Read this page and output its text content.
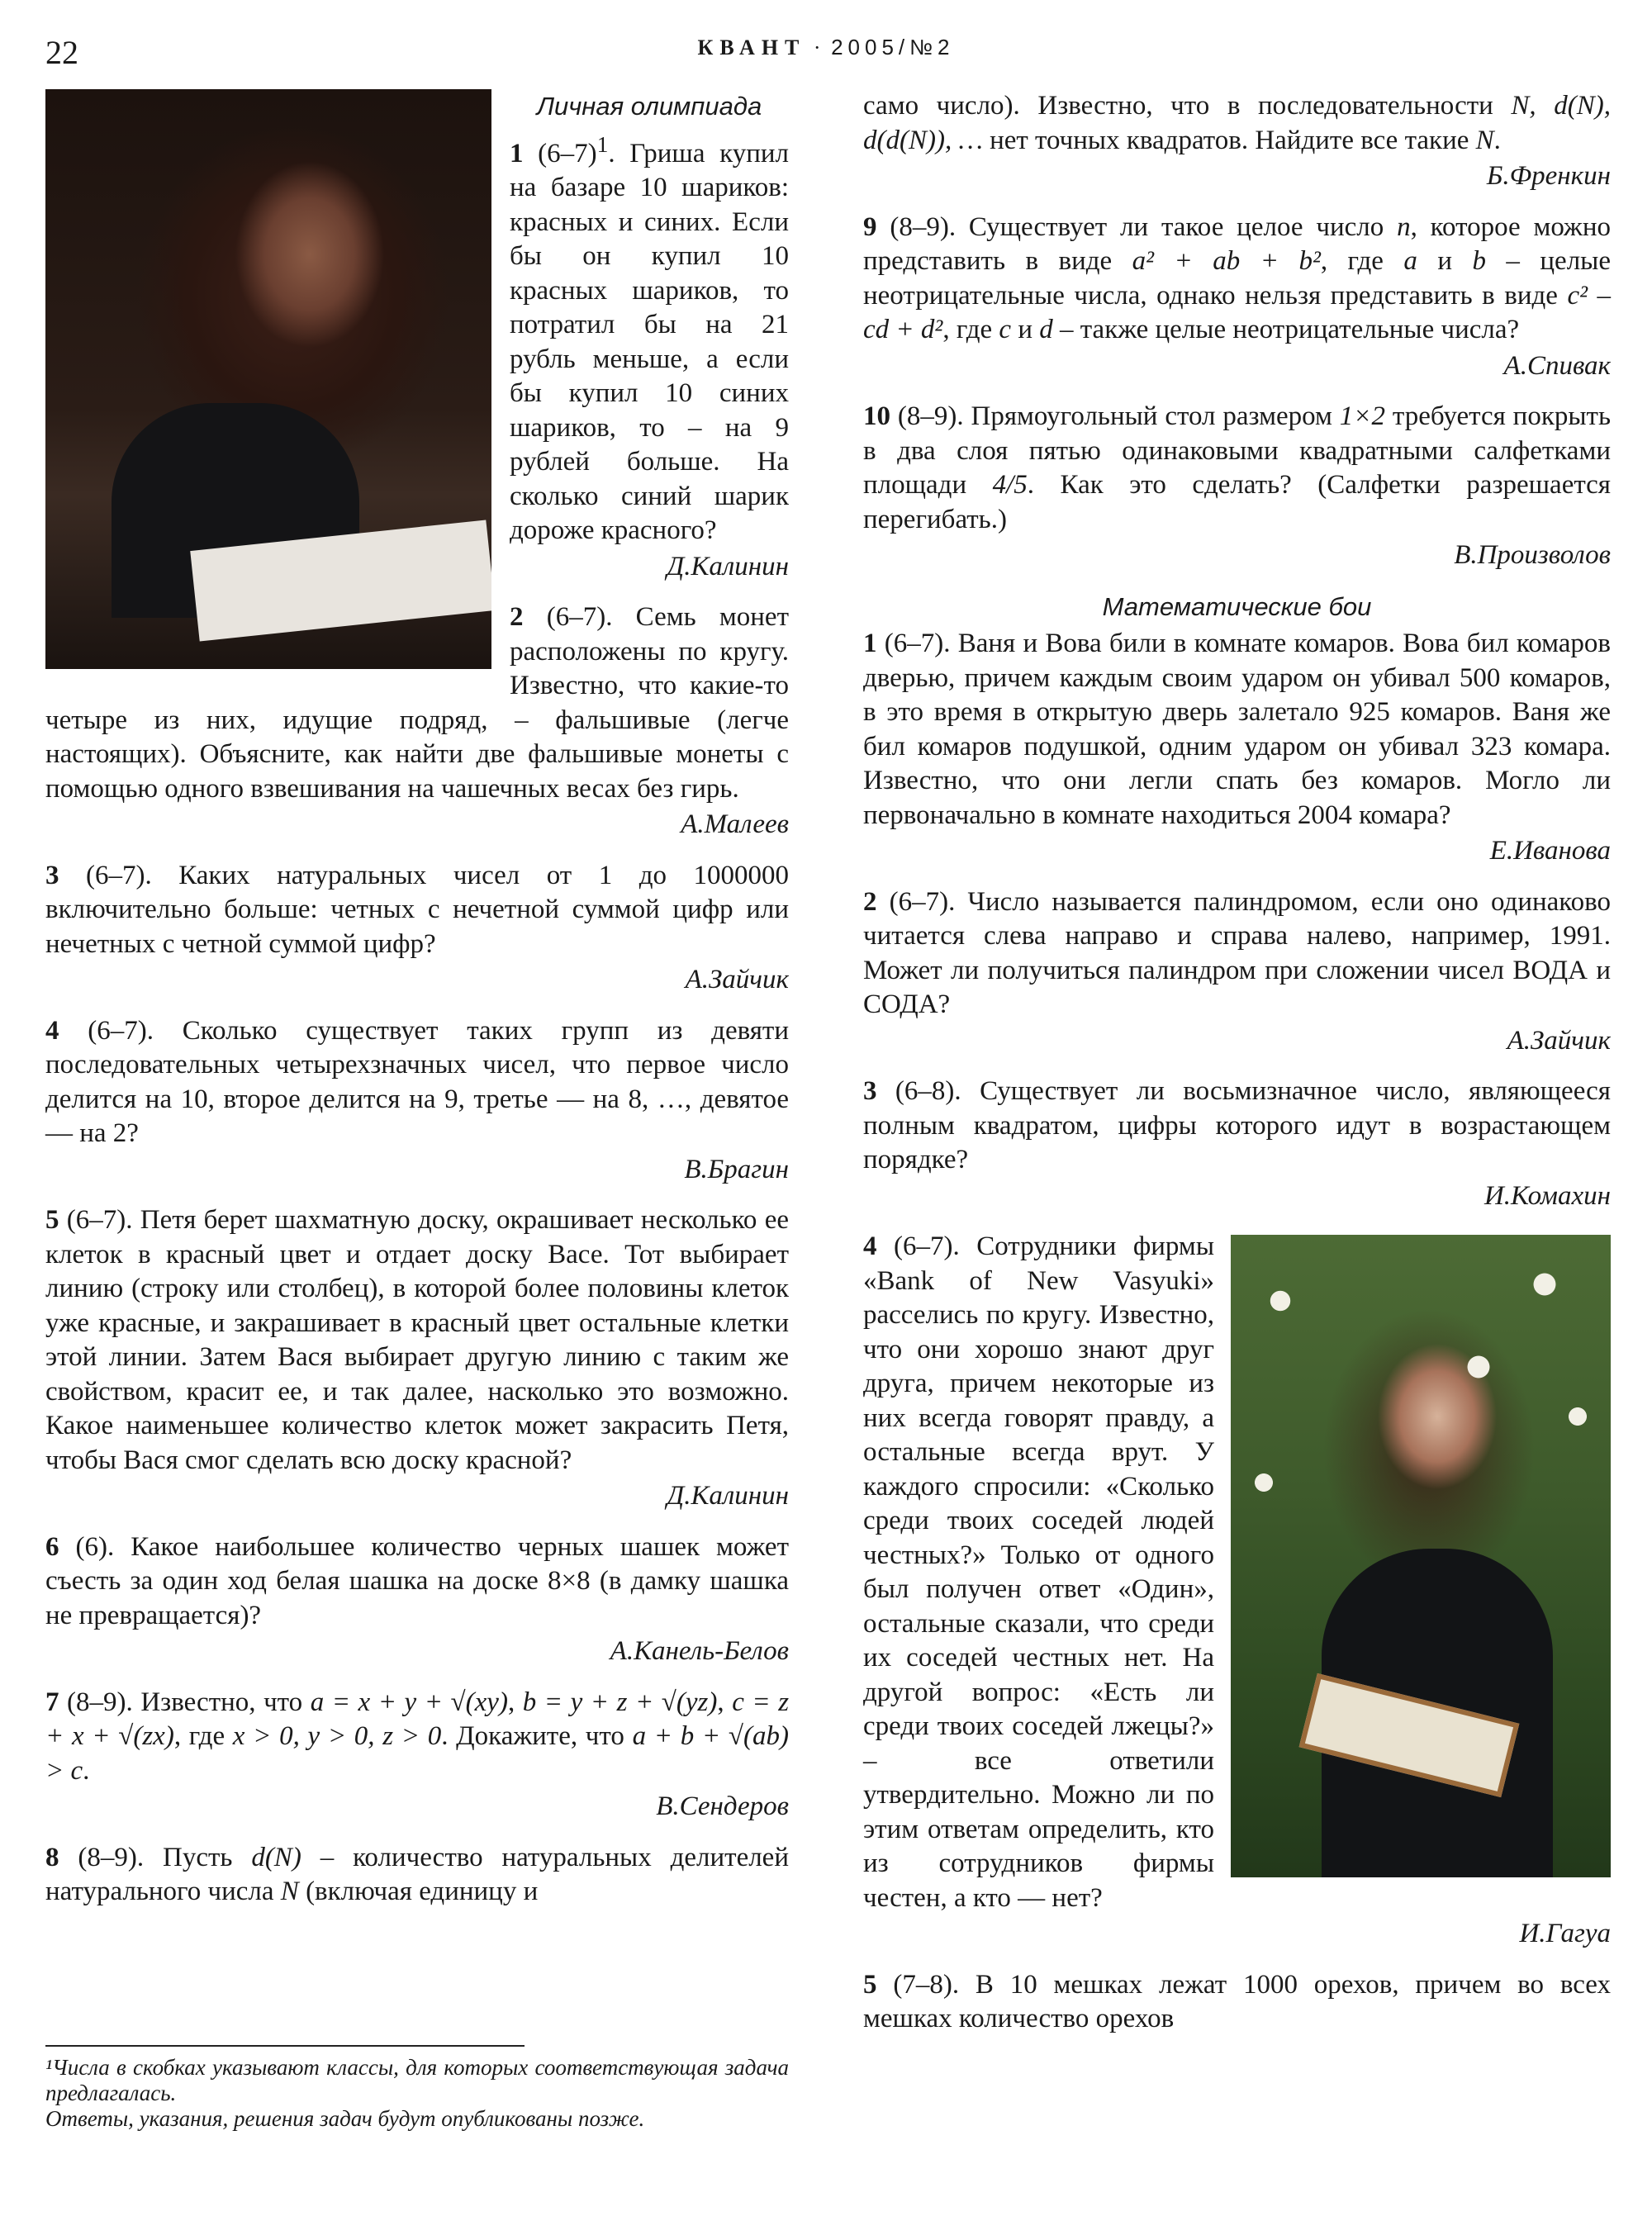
22	КВАНТ · 2005/№2
Личная олимпиада

1 $(6-7)^1$. Гриша купил на базаре 10 шариков: красных и синих. Если бы он купил 10 красных шариков, то потратил бы на 21 рубль меньше, а если бы купил 10 синих шариков, то – на 9 рублей больше. На сколько синий шарик дороже красного?

Д.Калинин

2 (6–7). Семь монет расположены по кругу. Известно, что какие-то четыре из них, идущие подряд, – фальшивые (легче настоящих). Объясните, как найти две фальшивые монеты с помощью одного взвешивания на чашечных весах без гирь.

А.Малеев

3 (6–7). Каких натуральных чисел от 1 до 1000000 включительно больше: четных с нечетной суммой цифр или нечетных с четной суммой цифр?

А.Зайчик

4 (6–7). Сколько существует таких групп из девяти последовательных четырехзначных чисел, что первое число делится на 10, второе делится на 9, третье — на 8, …, девятое — на 2?

В.Брагин

5 (6–7). Петя берет шахматную доску, окрашивает несколько ее клеток в красный цвет и отдает доску Васе. Тот выбирает линию (строку или столбец), в которой более половины клеток уже красные, и закрашивает в красный цвет остальные клетки этой линии. Затем Вася выбирает другую линию с таким же свойством, красит ее, и так далее, насколько это возможно. Какое наименьшее количество клеток может закрасить Петя, чтобы Вася смог сделать всю доску красной?

Д.Калинин

6 (6). Какое наибольшее количество черных шашек может съесть за один ход белая шашка на доске 8×8 (в дамку шашка не превращается)?

А.Канель-Белов

7 (8–9). Известно, что a = x + y + √(xy), b = y + z + √(yz), c = z + x + √(zx), где x > 0, y > 0, z > 0. Докажите, что a + b + √(ab) > c.

В.Сендеров

8 (8–9). Пусть d(N) – количество натуральных делителей натурального числа N (включая единицу и

¹Числа в скобках указывают классы, для которых соответствующая задача предлагалась.

Ответы, указания, решения задач будут опубликованы позже.

само число). Известно, что в последовательности N, d(N), d(d(N)), … нет точных квадратов. Найдите все такие N.

Б.Френкин

9 (8–9). Существует ли такое целое число n, которое можно представить в виде a² + ab + b², где a и b – целые неотрицательные числа, однако нельзя представить в виде c² – cd + d², где c и d – также целые неотрицательные числа?

А.Спивак

10 (8–9). Прямоугольный стол размером 1×2 требуется покрыть в два слоя пятью одинаковыми квадратными салфетками площади 4/5. Как это сделать? (Салфетки разрешается перегибать.)

В.Произволов
Математические бои

1 (6–7). Ваня и Вова били в комнате комаров. Вова бил комаров дверью, причем каждым своим ударом он убивал 500 комаров, в это время в открытую дверь залетало 925 комаров. Ваня же бил комаров подушкой, одним ударом он убивал 323 комара. Известно, что они легли спать без комаров. Могло ли первоначально в комнате находиться 2004 комара?

Е.Иванова

2 (6–7). Число называется палиндромом, если оно одинаково читается слева направо и справа налево, например, 1991. Может ли получиться палиндром при сложении чисел ВОДА и СОДА?

А.Зайчик

3 (6–8). Существует ли восьмизначное число, являющееся полным квадратом, цифры которого идут в возрастающем порядке?

И.Комахин

4 (6–7). Сотрудники фирмы «Bank of New Vasyuki» расселись по кругу. Известно, что они хорошо знают друг друга, причем некоторые из них всегда говорят правду, а остальные всегда врут. У каждого спросили: «Сколько среди твоих соседей людей честных?» Только от одного был получен ответ «Один», остальные сказали, что среди их соседей честных нет. На другой вопрос: «Есть ли среди твоих соседей лжецы?» – все ответили утвердительно. Можно ли по этим ответам определить, кто из сотрудников фирмы честен, а кто — нет?

И.Гагуа

5 (7–8). В 10 мешках лежат 1000 орехов, причем во всех мешках количество орехов
